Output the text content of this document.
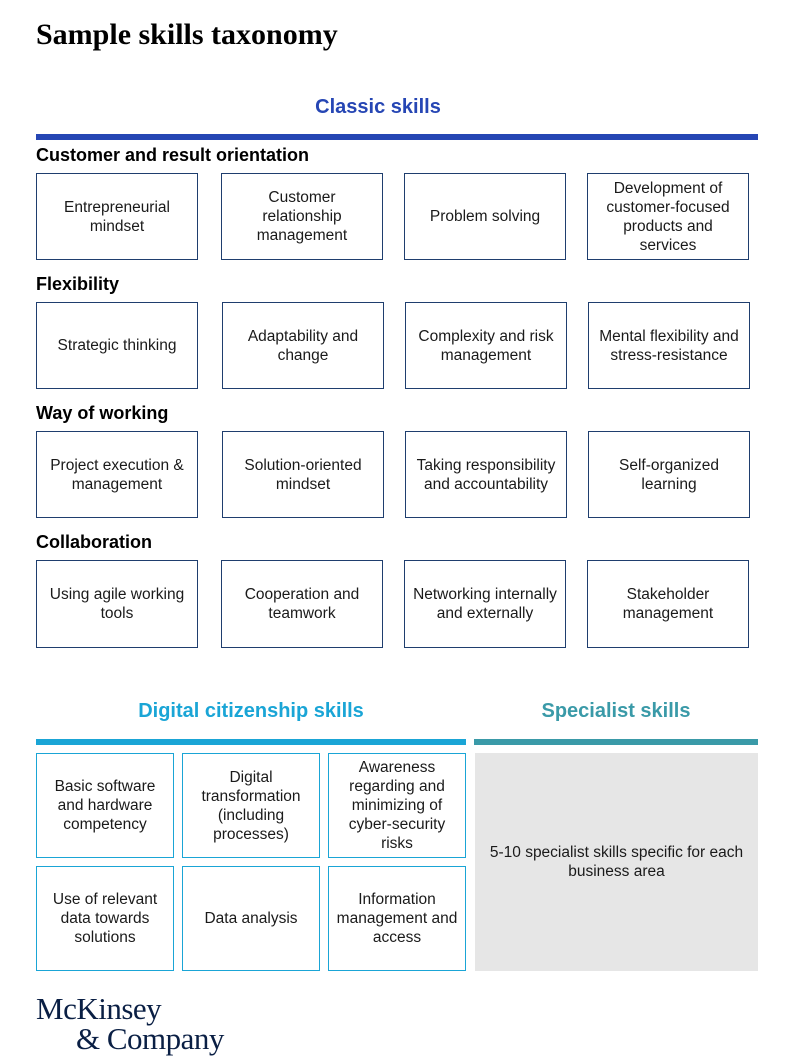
Sample skills taxonomy
Classic skills
Customer and result orientation
Entrepreneurial mindset
Customer relationship management
Problem solving
Development of customer-focused products and services
Flexibility
Strategic thinking
Adaptability and change
Complexity and risk management
Mental flexibility and stress-resistance
Way of working
Project execution & management
Solution-oriented mindset
Taking responsibility and accountability
Self-organized learning
Collaboration
Using agile working tools
Cooperation and teamwork
Networking internally and externally
Stakeholder management
Digital citizenship skills	Specialist skills
Basic software and hardware competency
Digital transformation (including processes)
Awareness regarding and minimizing of cyber-security risks
Use of relevant data towards solutions
Data analysis
Information management and access
5-10 specialist skills specific for each business area
McKinsey
& Company
